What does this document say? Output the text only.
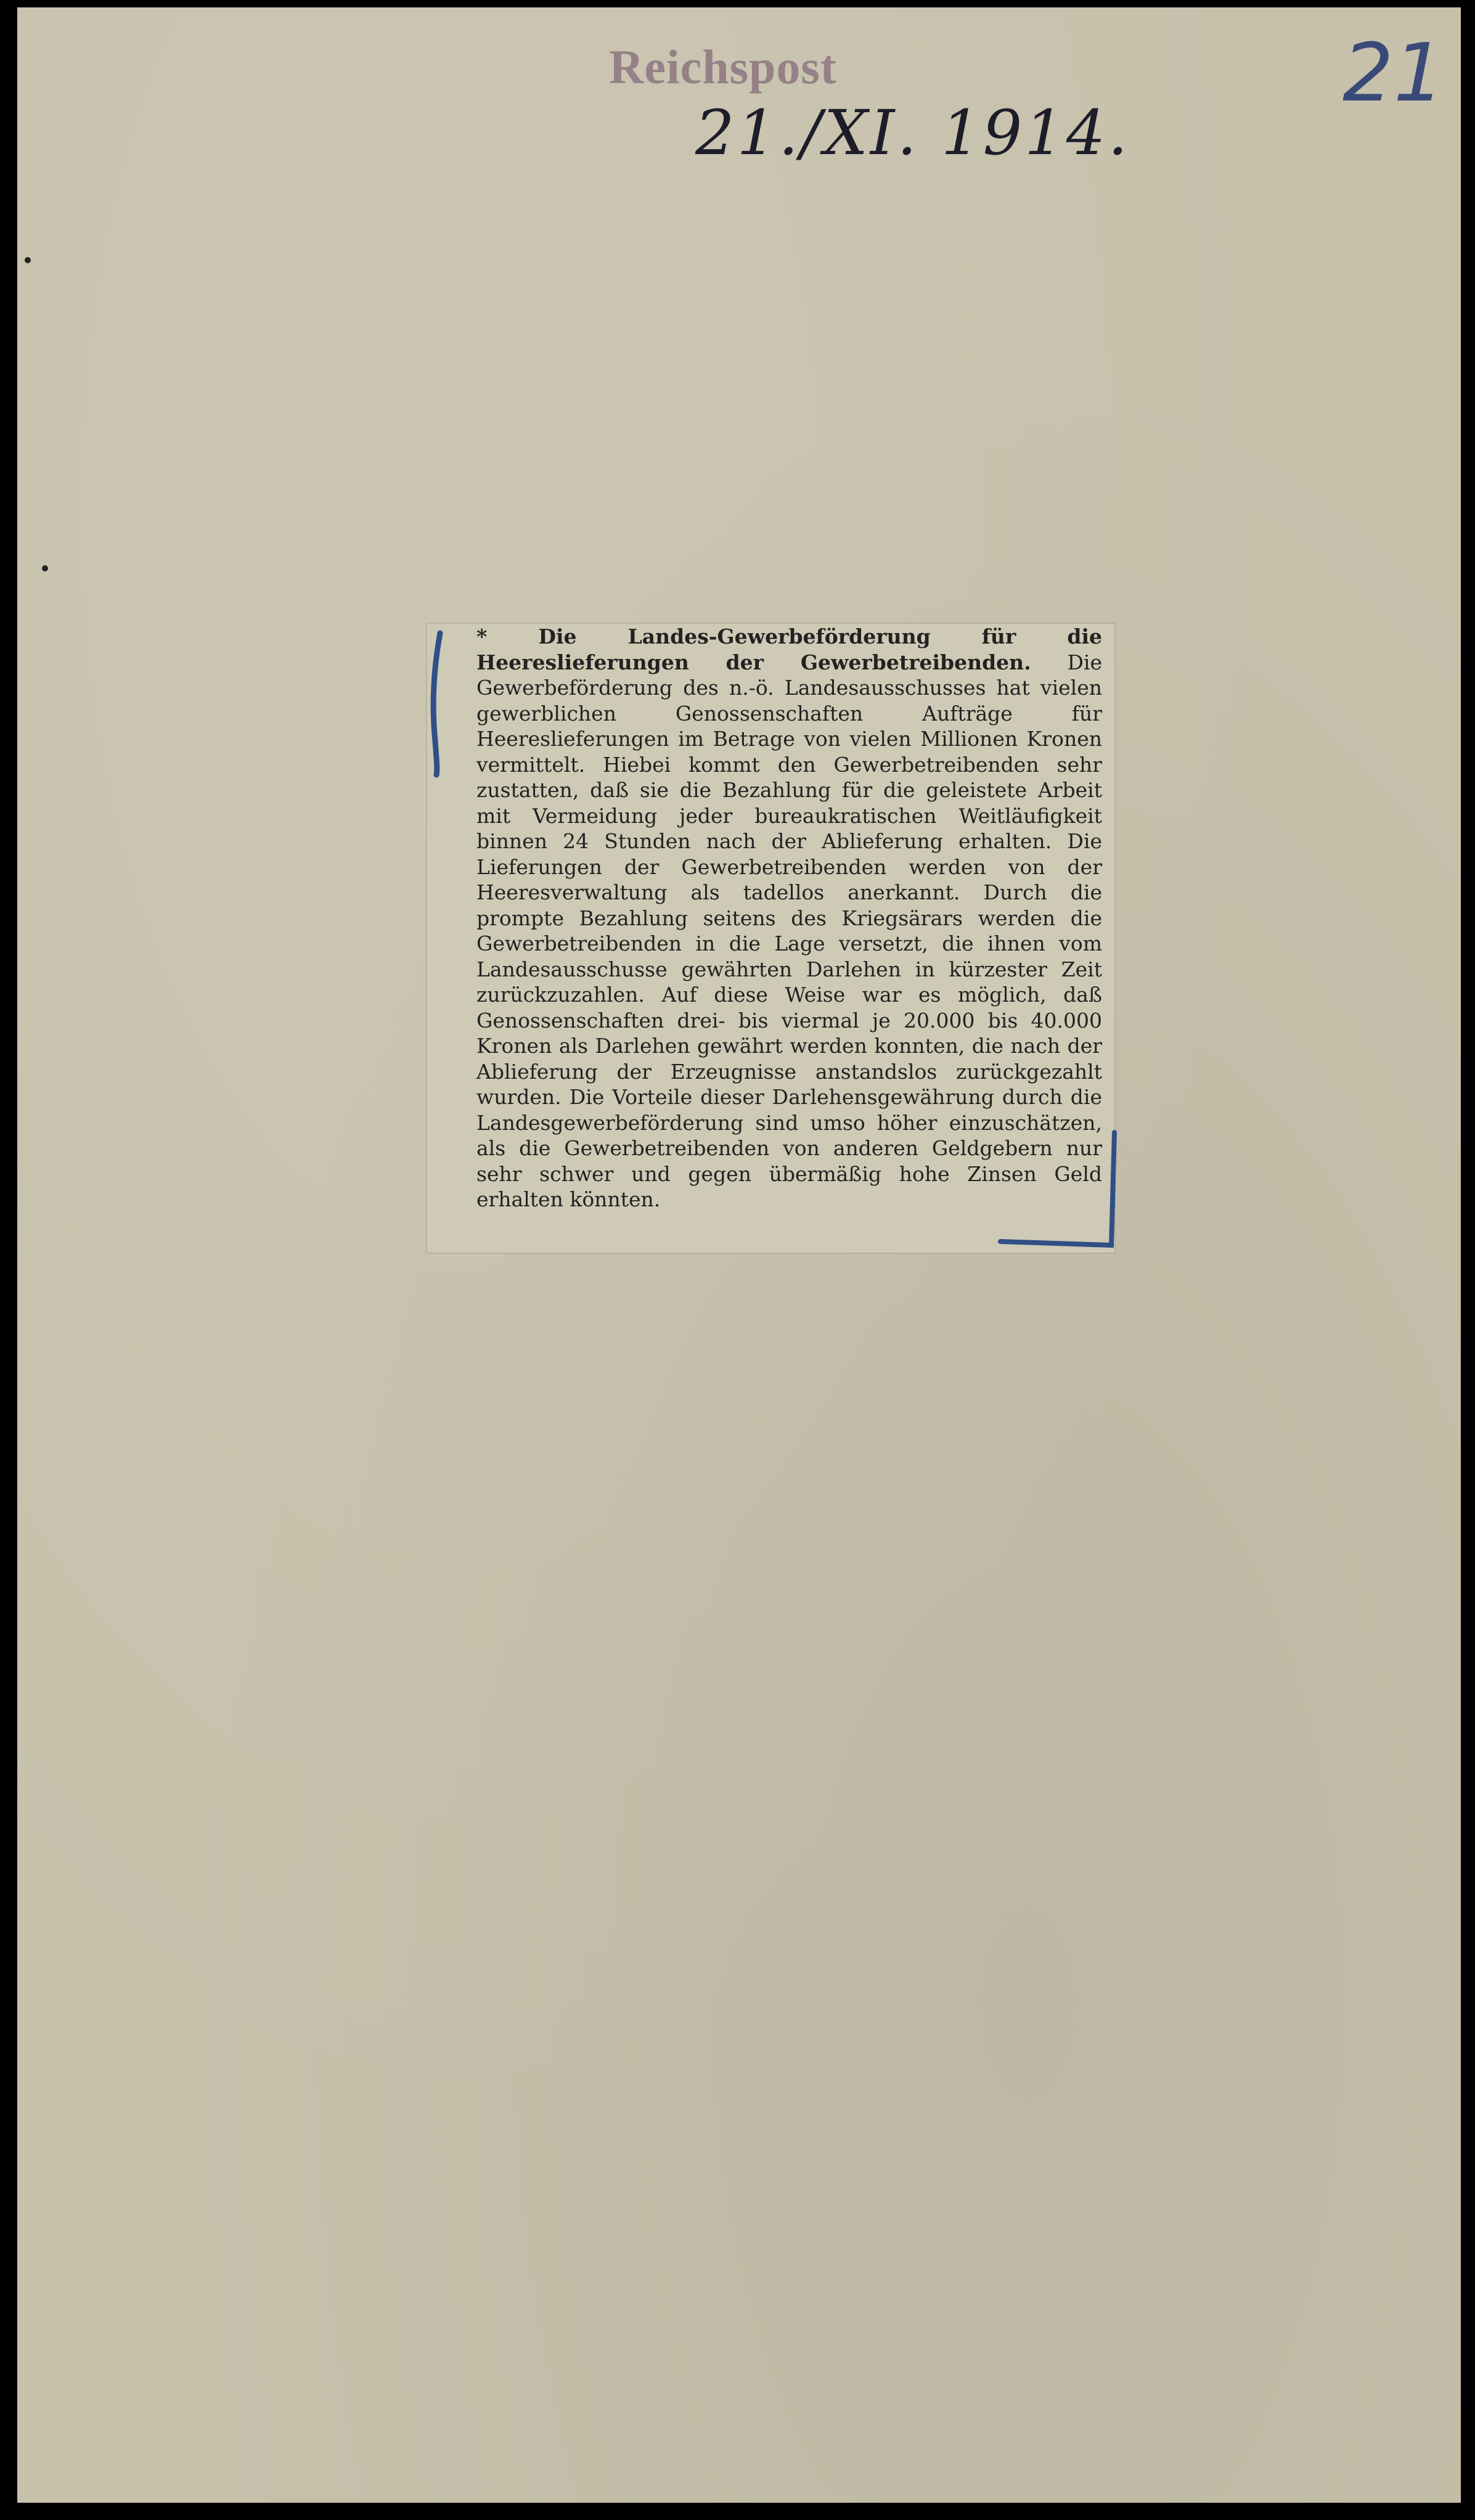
Reichspost
21./XI. 1914.
21

* Die Landes-Gewerbeförderung für die Heereslieferungen der Gewerbetreibenden. Die Gewerbeförderung des n.-ö. Landesausschusses hat vielen gewerblichen Genossenschaften Aufträge für Heereslieferungen im Betrage von vielen Millionen Kronen vermittelt. Hiebei kommt den Gewerbetreibenden sehr zustatten, daß sie die Bezahlung für die geleistete Arbeit mit Vermeidung jeder bureaukratischen Weitläufigkeit binnen 24 Stunden nach der Ablieferung erhalten. Die Lieferungen der Gewerbetreibenden werden von der Heeresverwaltung als tadellos anerkannt. Durch die prompte Bezahlung seitens des Kriegsärars werden die Gewerbetreibenden in die Lage versetzt, die ihnen vom Landesausschusse gewährten Darlehen in kürzester Zeit zurückzuzahlen. Auf diese Weise war es möglich, daß Genossenschaften drei- bis viermal je 20.000 bis 40.000 Kronen als Darlehen gewährt werden konnten, die nach der Ablieferung der Erzeugnisse anstandslos zurückgezahlt wurden. Die Vorteile dieser Darlehensgewährung durch die Landesgewerbeförderung sind umso höher einzuschätzen, als die Gewerbetreibenden von anderen Geldgebern nur sehr schwer und gegen übermäßig hohe Zinsen Geld erhalten könnten.
